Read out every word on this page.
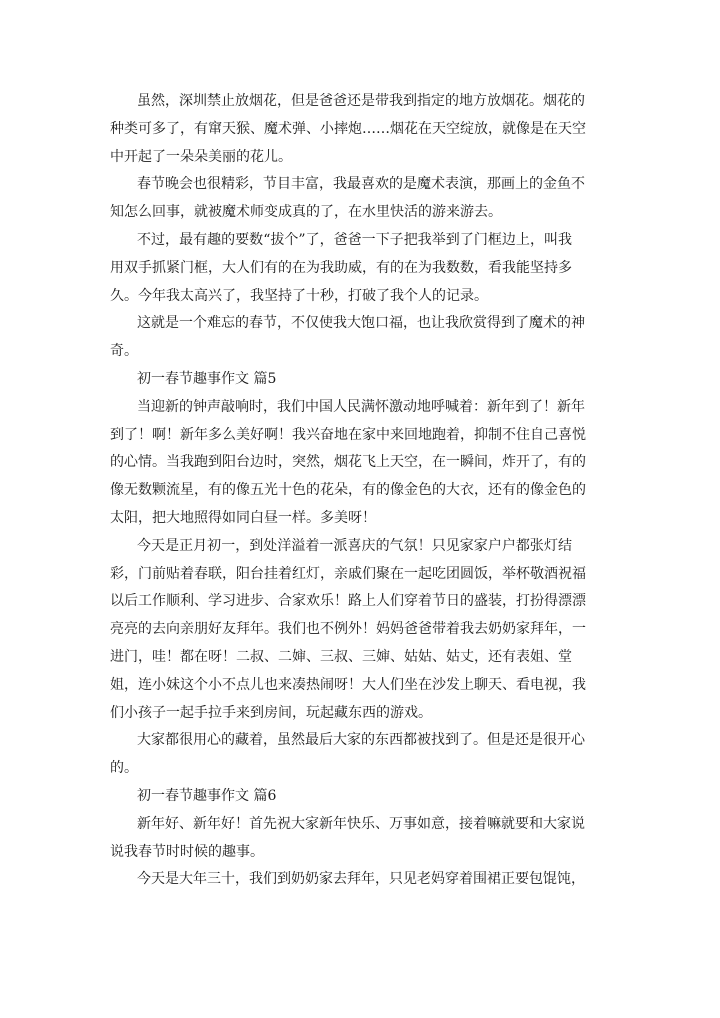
虽然，深圳禁止放烟花，但是爸爸还是带我到指定的地方放烟花。烟花的
种类可多了，有窜天猴、魔术弹、小摔炮……烟花在天空绽放，就像是在天空
中开起了一朵朵美丽的花儿。
春节晚会也很精彩，节目丰富，我最喜欢的是魔术表演，那画上的金鱼不
知怎么回事，就被魔术师变成真的了，在水里快活的游来游去。
不过，最有趣的要数“拔个”了，爸爸一下子把我举到了门框边上，叫我
用双手抓紧门框，大人们有的在为我助威，有的在为我数数，看我能坚持多
久。今年我太高兴了，我坚持了十秒，打破了我个人的记录。
这就是一个难忘的春节，不仅使我大饱口福，也让我欣赏得到了魔术的神
奇。
初一春节趣事作文 篇5
当迎新的钟声敲响时，我们中国人民满怀激动地呼喊着：新年到了！新年
到了！啊！新年多么美好啊！我兴奋地在家中来回地跑着，抑制不住自己喜悦
的心情。当我跑到阳台边时，突然，烟花飞上天空，在一瞬间，炸开了，有的
像无数颗流星，有的像五光十色的花朵，有的像金色的大衣，还有的像金色的
太阳，把大地照得如同白昼一样。多美呀！
今天是正月初一，到处洋溢着一派喜庆的气氛！只见家家户户都张灯结
彩，门前贴着春联，阳台挂着红灯，亲戚们聚在一起吃团圆饭，举杯敬酒祝福
以后工作顺利、学习进步、合家欢乐！路上人们穿着节日的盛装，打扮得漂漂
亮亮的去向亲朋好友拜年。我们也不例外！妈妈爸爸带着我去奶奶家拜年，一
进门，哇！都在呀！二叔、二婶、三叔、三婶、姑姑、姑丈，还有表姐、堂
姐，连小妹这个小不点儿也来凑热闹呀！大人们坐在沙发上聊天、看电视，我
们小孩子一起手拉手来到房间，玩起藏东西的游戏。
大家都很用心的藏着，虽然最后大家的东西都被找到了。但是还是很开心
的。
初一春节趣事作文 篇6
新年好、新年好！首先祝大家新年快乐、万事如意，接着嘛就要和大家说
说我春节时时候的趣事。
今天是大年三十，我们到奶奶家去拜年，只见老妈穿着围裙正要包馄饨，
